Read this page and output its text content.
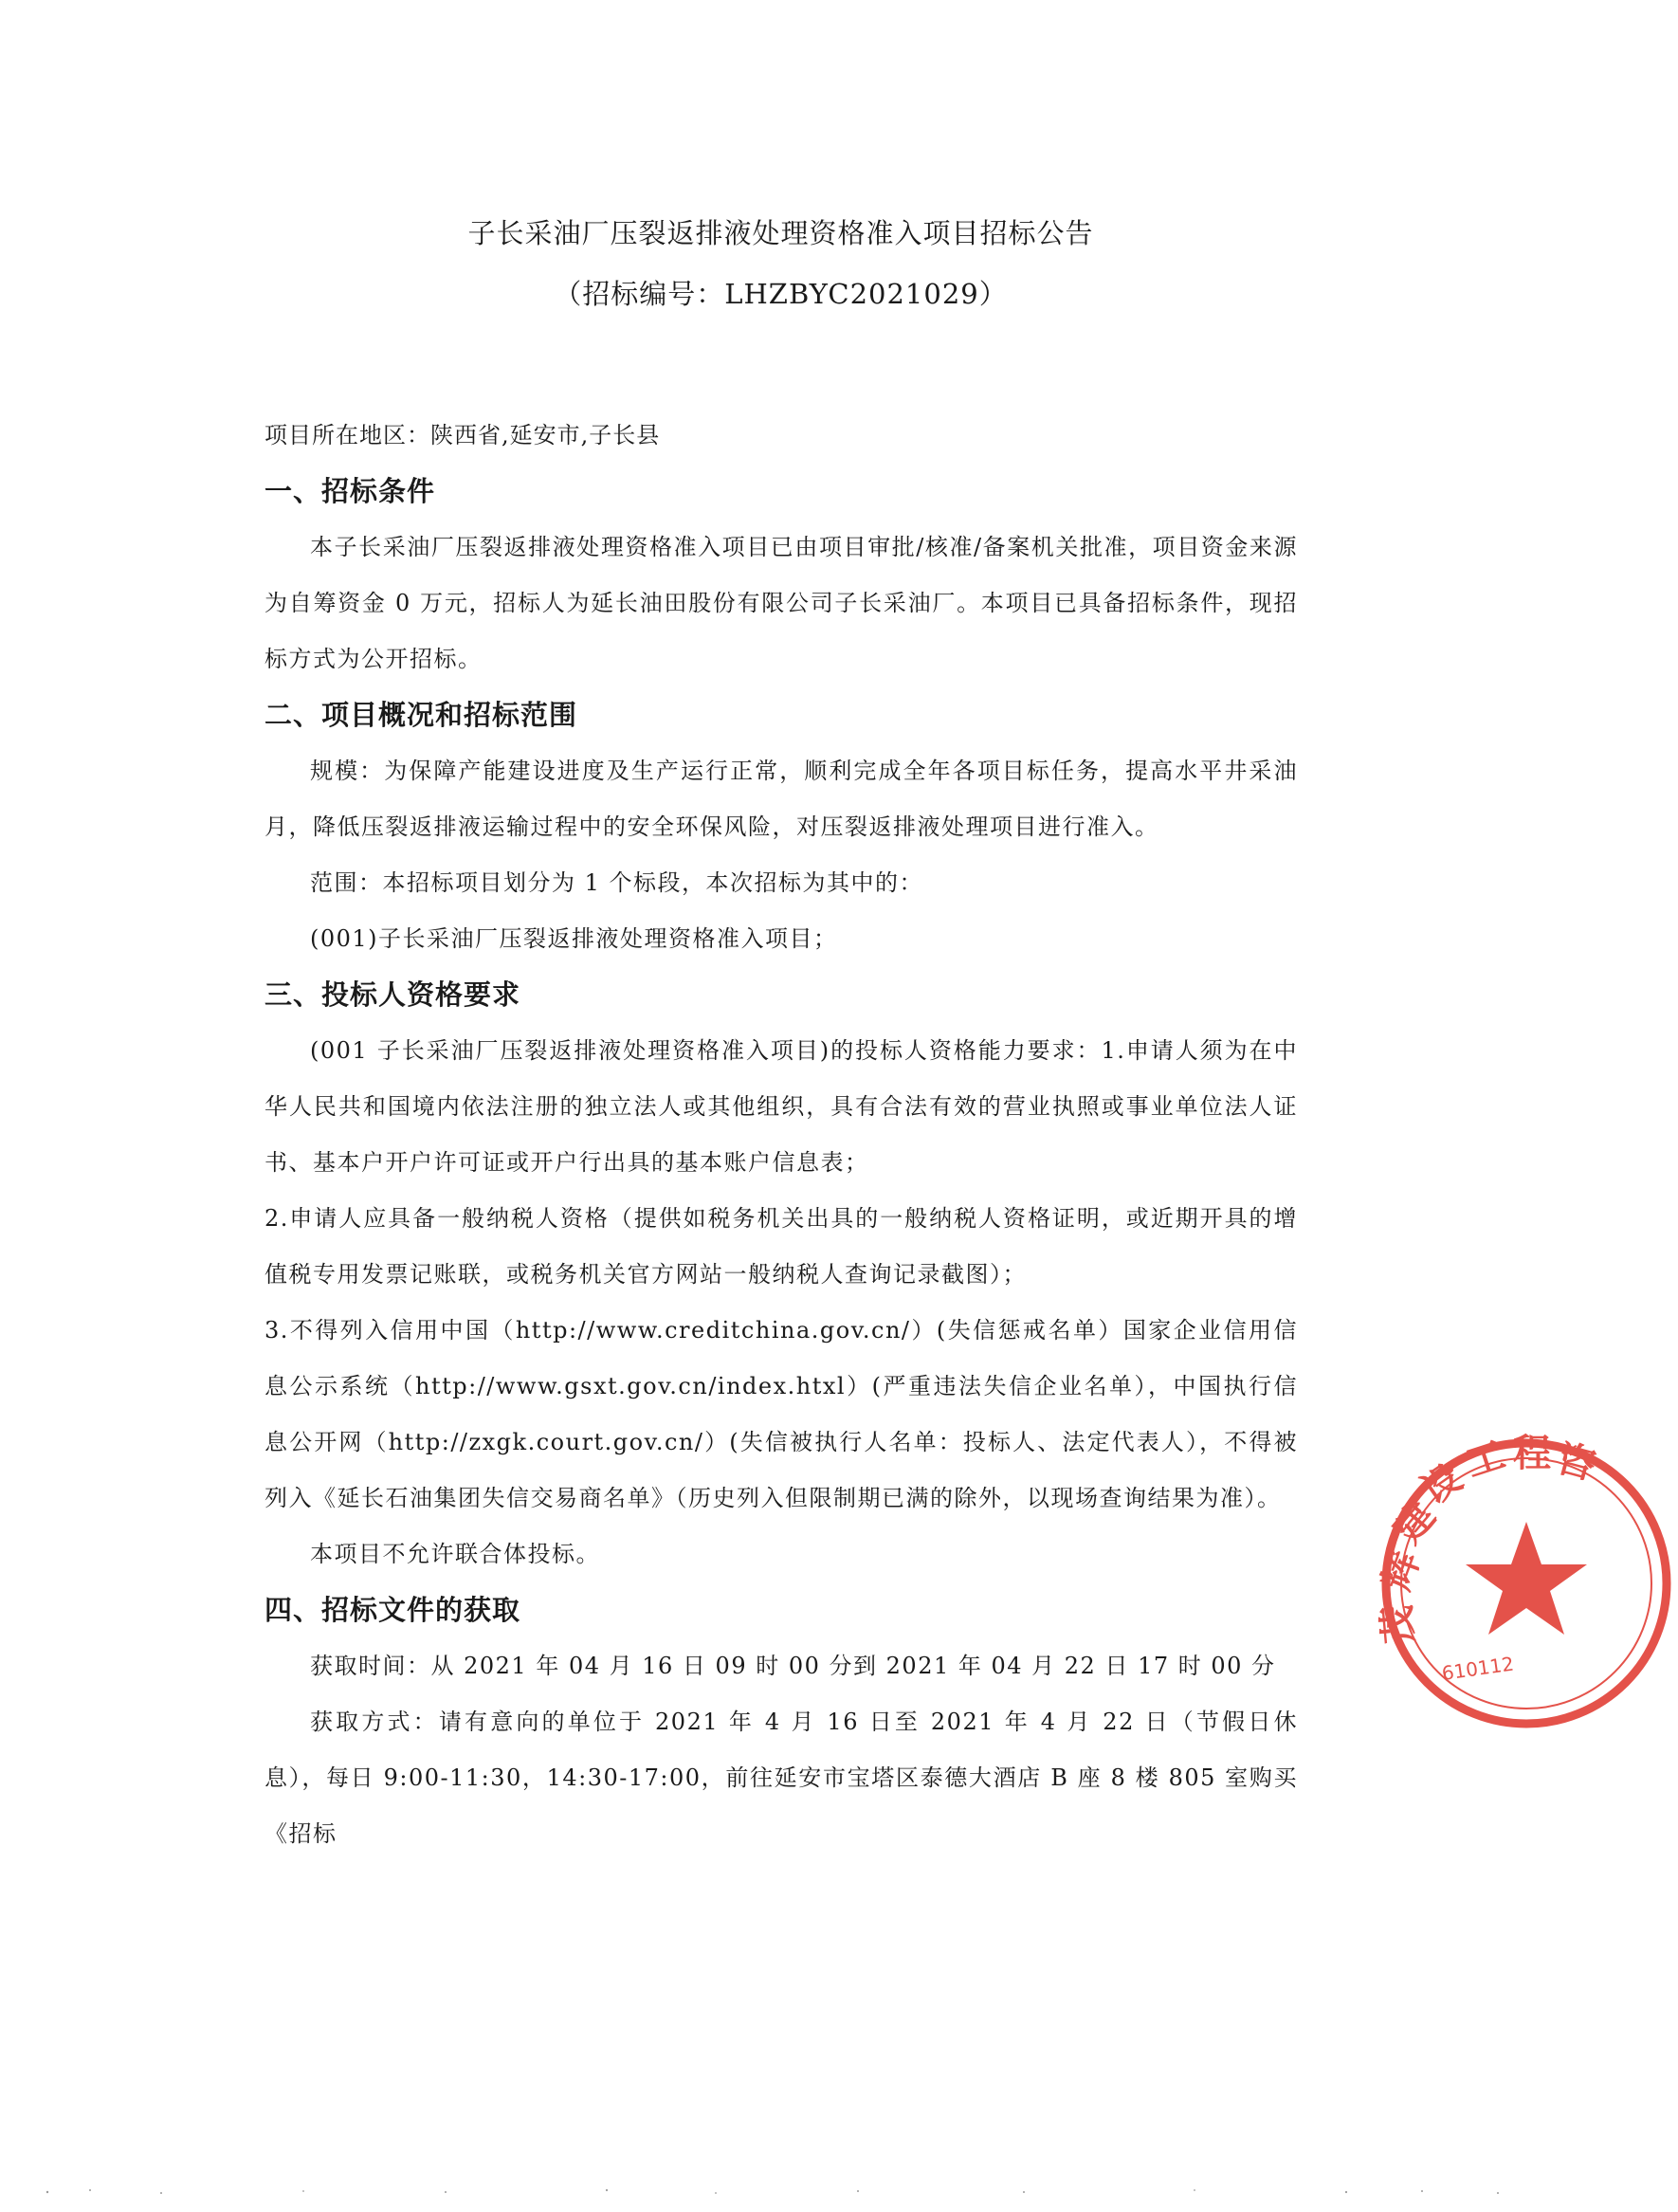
子长采油厂压裂返排液处理资格准入项目招标公告
（招标编号：LHZBYC2021029）

项目所在地区：陕西省,延安市,子长县

一、招标条件

本子长采油厂压裂返排液处理资格准入项目已由项目审批/核准/备案机关批准，项目资金来源为自筹资金 0 万元，招标人为延长油田股份有限公司子长采油厂。本项目已具备招标条件，现招标方式为公开招标。

二、项目概况和招标范围

规模：为保障产能建设进度及生产运行正常，顺利完成全年各项目标任务，提高水平井采油月，降低压裂返排液运输过程中的安全环保风险，对压裂返排液处理项目进行准入。

范围：本招标项目划分为 1 个标段，本次招标为其中的：

(001)子长采油厂压裂返排液处理资格准入项目；

三、投标人资格要求

(001 子长采油厂压裂返排液处理资格准入项目)的投标人资格能力要求：1.申请人须为在中华人民共和国境内依法注册的独立法人或其他组织，具有合法有效的营业执照或事业单位法人证书、基本户开户许可证或开户行出具的基本账户信息表；

2.申请人应具备一般纳税人资格（提供如税务机关出具的一般纳税人资格证明，或近期开具的增值税专用发票记账联，或税务机关官方网站一般纳税人查询记录截图）；

3.不得列入信用中国（http://www.creditchina.gov.cn/）(失信惩戒名单）国家企业信用信息公示系统（http://www.gsxt.gov.cn/index.htxl）(严重违法失信企业名单），中国执行信息公开网（http://zxgk.court.gov.cn/）(失信被执行人名单：投标人、法定代表人），不得被列入《延长石油集团失信交易商名单》（历史列入但限制期已满的除外，以现场查询结果为准）。

本项目不允许联合体投标。

四、招标文件的获取

获取时间：从 2021 年 04 月 16 日 09 时 00 分到 2021 年 04 月 22 日 17 时 00 分

获取方式：请有意向的单位于 2021 年 4 月 16 日至 2021 年 4 月 22 日（节假日休息），每日 9:00-11:30，14:30-17:00，前往延安市宝塔区泰德大酒店 B 座 8 楼 805 室购买《招标

建
设
工 程 咨
辉
茂
610112
